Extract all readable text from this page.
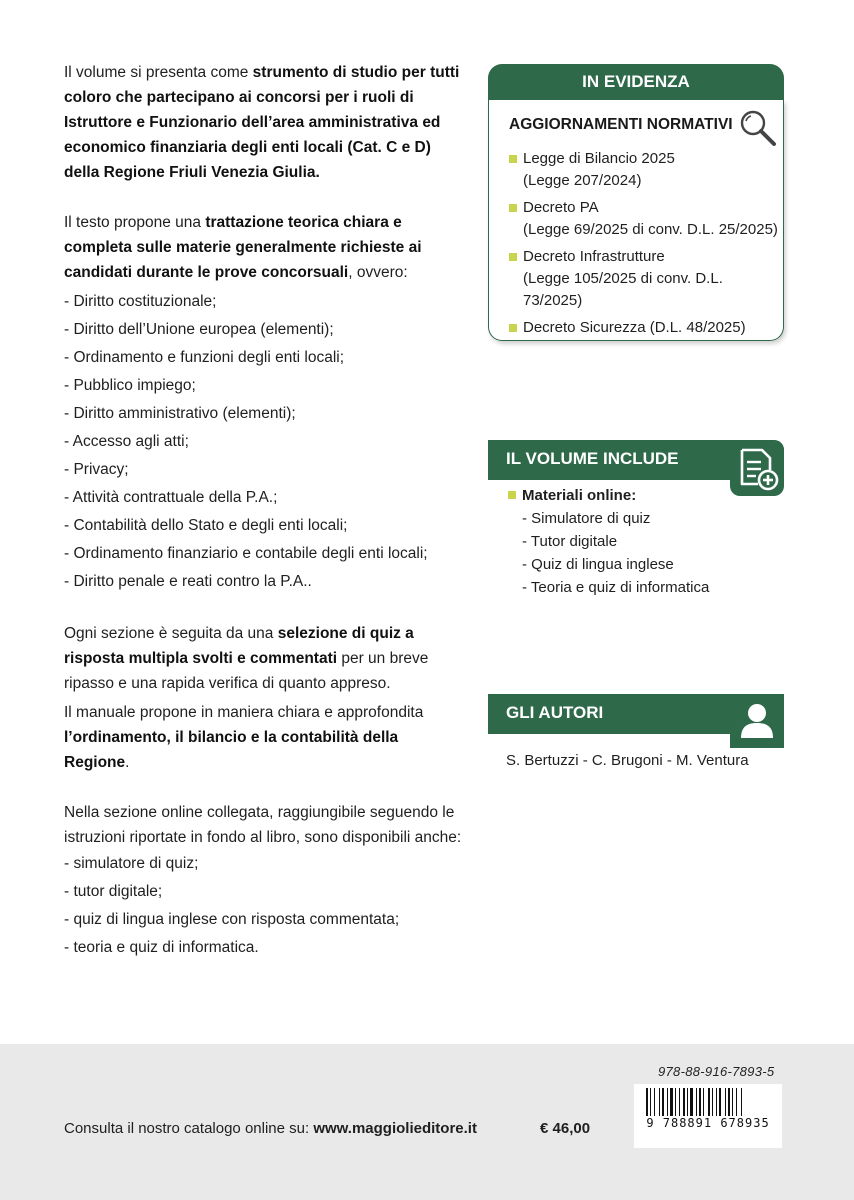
Il volume si presenta come strumento di studio per tutti coloro che partecipano ai concorsi per i ruoli di Istruttore e Funzionario dell’area amministrativa ed economico finanziaria degli enti locali (Cat. C e D) della Regione Friuli Venezia Giulia.

Il testo propone una trattazione teorica chiara e completa sulle materie generalmente richieste ai candidati durante le prove concorsuali, ovvero:

- Diritto costituzionale;

- Diritto dell’Unione europea (elementi);

- Ordinamento e funzioni degli enti locali;

- Pubblico impiego;

- Diritto amministrativo (elementi);

- Accesso agli atti;

- Privacy;

- Attività contrattuale della P.A.;

- Contabilità dello Stato e degli enti locali;

- Ordinamento finanziario e contabile degli enti locali;

- Diritto penale e reati contro la P.A..

Ogni sezione è seguita da una selezione di quiz a risposta multipla svolti e commentati per un breve ripasso e una rapida verifica di quanto appreso.

Il manuale propone in maniera chiara e approfondita l’ordinamento, il bilancio e la contabilità della Regione.

Nella sezione online collegata, raggiungibile seguendo le istruzioni riportate in fondo al libro, sono disponibili anche:

- simulatore di quiz;

- tutor digitale;

- quiz di lingua inglese con risposta commentata;

- teoria e quiz di informatica.

IN EVIDENZA
AGGIORNAMENTI NORMATIVI
Legge di Bilancio 2025
(Legge 207/2024)
Decreto PA
(Legge 69/2025 di conv. D.L. 25/2025)
Decreto Infrastrutture
(Legge 105/2025 di conv. D.L. 73/2025)
Decreto Sicurezza (D.L. 48/2025)
IL VOLUME INCLUDE
Materiali online:
- Simulatore di quiz
- Tutor digitale
- Quiz di lingua inglese
- Teoria e quiz di informatica
GLI AUTORI
S. Bertuzzi - C. Brugoni - M. Ventura
978-88-916-7893-5
Consulta il nostro catalogo online su: www.maggiolieditore.it	€ 46,00	9 788891 678935
